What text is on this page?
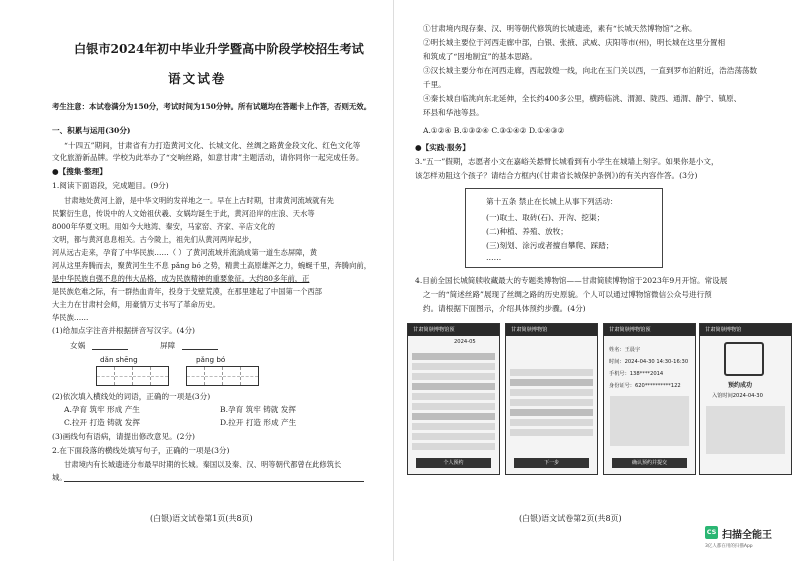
白银市2024年初中毕业升学暨高中阶段学校招生考试
语文试卷
考生注意：本试卷满分为150分，考试时间为150分钟。所有试题均在答题卡上作答，否则无效。
一、积累与运用(30分)
“十四五”期间，甘肃省有力打造黄河文化、长城文化、丝绸之路黄金段文化、红色文化等
文化旅游新品牌。学校为此举办了“交响丝路，如意甘肃”主题活动，请你同你一起完成任务。
●【搜集·整理】
1.阅读下面语段，完成题目。(9分)
甘肃地处黄河上游，是中华文明的发祥地之一。早在上古时期，甘肃黄河流域就有先
民繁衍生息，传说中的人文始祖伏羲、女娲均诞生于此，黄河沿岸的庄浪、天水等
8000年华夏文明。用如今大地湾、秦安，马家窑、齐家、辛店文化的
文明，都与黄河息息相关。古今陇上，祖先们从黄河两岸起步，
河从远古走来，孕育了中华民族……（ ）了黄河流域并流淌成第一道生态屏障，黄
河从这里奔腾而去，聚黄河生生不息 pǎng bó 之势，精黄土高原雄浑之力，蜿蜒千里，奔腾向前，
是中华民族自强不息的伟大品格，成为民族精神的重要象征。大约80多年前，正
是民族危难之际，有一群热血青年，投身于戈壁荒漠，在那里建起了中国第一个西部
大主力在甘肃村会师，用豪情万丈书写了革命历史。
华民族……
(1)给加点字注音并根据拼音写汉字。(4分)
女娲	屏障
dǎn shēng	pǎng bó
(2)依次填入横线处的词语，正确的一项是(3分)
A.孕育 筑牢 形成 产生	B.孕育 筑牢 铸就 发挥
C.拉开 打造 铸就 发挥	D.拉开 打造 形成 产生
(3)画线句有语病，请提出修改意见。(2分)
2.在下面段落的横线处填写句子，正确的一项是(3分)
甘肃境内有长城遗迹分布最早时期的长城。秦国以及秦、汉、明等朝代都曾在此修筑长
城。
(白银)语文试卷第1页(共8页)
①甘肃境内现存秦、汉、明等朝代修筑的长城遗迹，素有“长城天然博物馆”之称。
②明长城主要位于河西走廊中部，白银、张掖、武威、庆阳等市(州)，明长城在这里分置相
和筑成了“因地制宜”的基本思路。
③汉长城主要分布在河西走廊，西起敦煌一线，向北在玉门关以西，一直到罗布泊附近，浩浩荡荡数
千里。
④秦长城自临洮向东北延伸，全长约400多公里，横跨临洮、渭源、陇西、通渭、静宁、镇原、
环县和华池等县。
A.①②④ B.①③②④ C.③①④② D.①④③②
●【实践·服务】
3.“五一”假期，志愿者小文在嘉峪关悬臂长城看到有小学生在城墙上刻字。如果你是小文，
该怎样劝阻这个孩子？请结合方框内(《甘肃省长城保护条例》)的有关内容作答。(3分)
第十五条 禁止在长城上从事下列活动：
(一)取土、取砖(石)、开沟、挖渠；
(二)种植、养殖、放牧；
(三)刻划、涂污或者擅自攀爬、踩踏；
……
4.目前全国长城简牍收藏最大的专题类博物馆——甘肃简牍博物馆于2023年9月开馆。常设展
之一的“简述丝路”展现了丝绸之路的历史原貌。个人可以通过博物馆微信公众号进行预
约。请根据下面图示，介绍具体预约步骤。(4分)
甘肃简牍博物馆预
2024-05
个人预约
甘肃简牍博物馆
下一步
甘肃简牍博物馆预
姓名：王晨宇
时间：2024-04-30 14:30-16:30
手机号：138****2014
身份证号：620**********122
确认预约并提交
甘肃简牍博物馆
预约成功
入馆时间2024-04-30
(白银)语文试卷第2页(共8页)
CS 扫描全能王
3亿人都在用的扫描App
